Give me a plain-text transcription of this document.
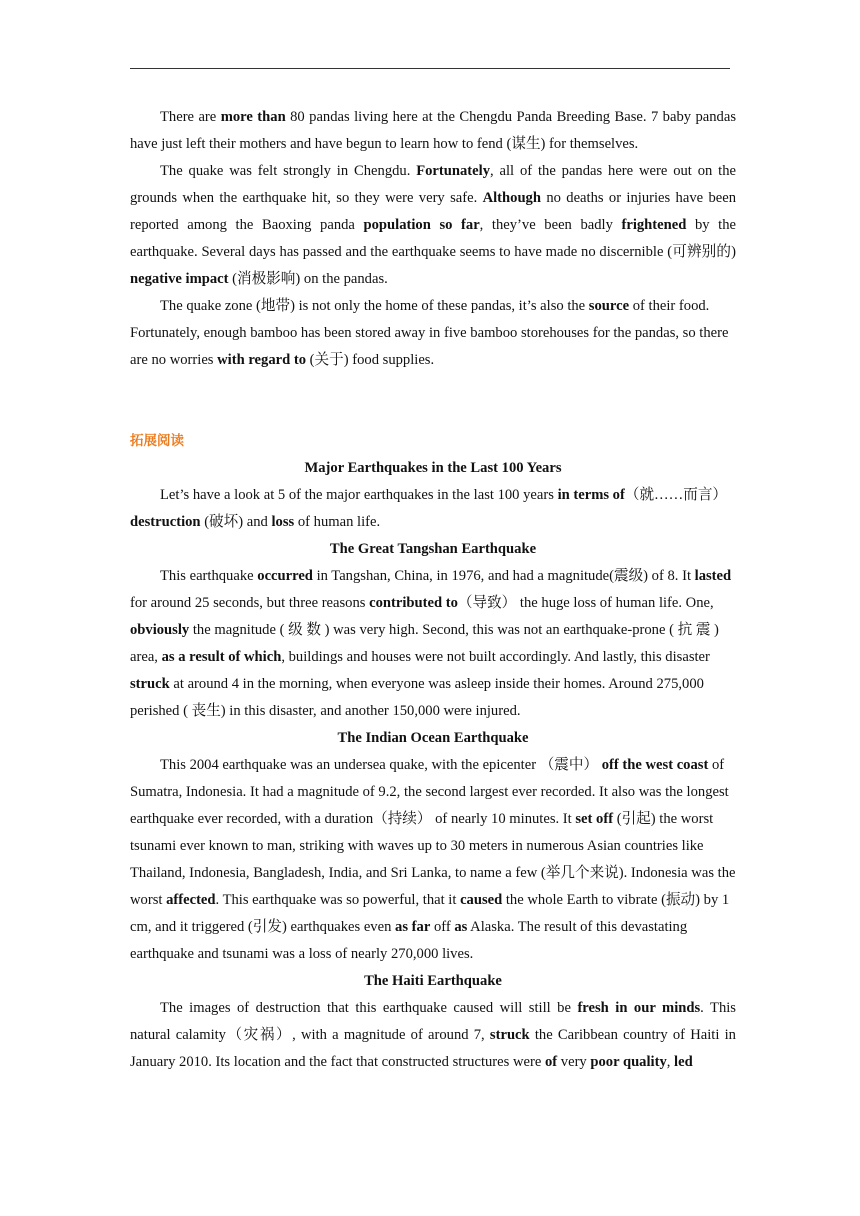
There are more than 80 pandas living here at the Chengdu Panda Breeding Base. 7 baby pandas have just left their mothers and have begun to learn how to fend (谋生) for themselves.

The quake was felt strongly in Chengdu. Fortunately, all of the pandas here were out on the grounds when the earthquake hit, so they were very safe. Although no deaths or injuries have been reported among the Baoxing panda population so far, they’ve been badly frightened by the earthquake. Several days has passed and the earthquake seems to have made no discernible (可辨别的) negative impact (消极影响) on the pandas.

The quake zone (地带) is not only the home of these pandas, it’s also the source of their food. Fortunately, enough bamboo has been stored away in five bamboo storehouses for the pandas, so there are no worries with regard to (关于) food supplies.

拓展阅读
Major Earthquakes in the Last 100 Years

Let’s have a look at 5 of the major earthquakes in the last 100 years in terms of（就……而言） destruction (破坏) and loss of human life.

The Great Tangshan Earthquake

This earthquake occurred in Tangshan, China, in 1976, and had a magnitude(震级) of 8. It lasted for around 25 seconds, but three reasons contributed to（导致） the huge loss of human life. One, obviously the magnitude ( 级 数 ) was very high. Second, this was not an earthquake-prone ( 抗 震 ) area, as a result of which, buildings and houses were not built accordingly. And lastly, this disaster struck at around 4 in the morning, when everyone was asleep inside their homes. Around 275,000 perished ( 丧生) in this disaster, and another 150,000 were injured.

The Indian Ocean Earthquake

This 2004 earthquake was an undersea quake, with the epicenter （震中） off the west coast of Sumatra, Indonesia. It had a magnitude of 9.2, the second largest ever recorded. It also was the longest earthquake ever recorded, with a duration（持续） of nearly 10 minutes. It set off (引起) the worst tsunami ever known to man, striking with waves up to 30 meters in numerous Asian countries like Thailand, Indonesia, Bangladesh, India, and Sri Lanka, to name a few (举几个来说). Indonesia was the worst affected. This earthquake was so powerful, that it caused the whole Earth to vibrate (振动) by 1 cm, and it triggered (引发) earthquakes even as far off as Alaska. The result of this devastating earthquake and tsunami was a loss of nearly 270,000 lives.

The Haiti Earthquake

The images of destruction that this earthquake caused will still be fresh in our minds. This natural calamity（灾祸）, with a magnitude of around 7, struck the Caribbean country of Haiti in January 2010. Its location and the fact that constructed structures were of very poor quality, led
